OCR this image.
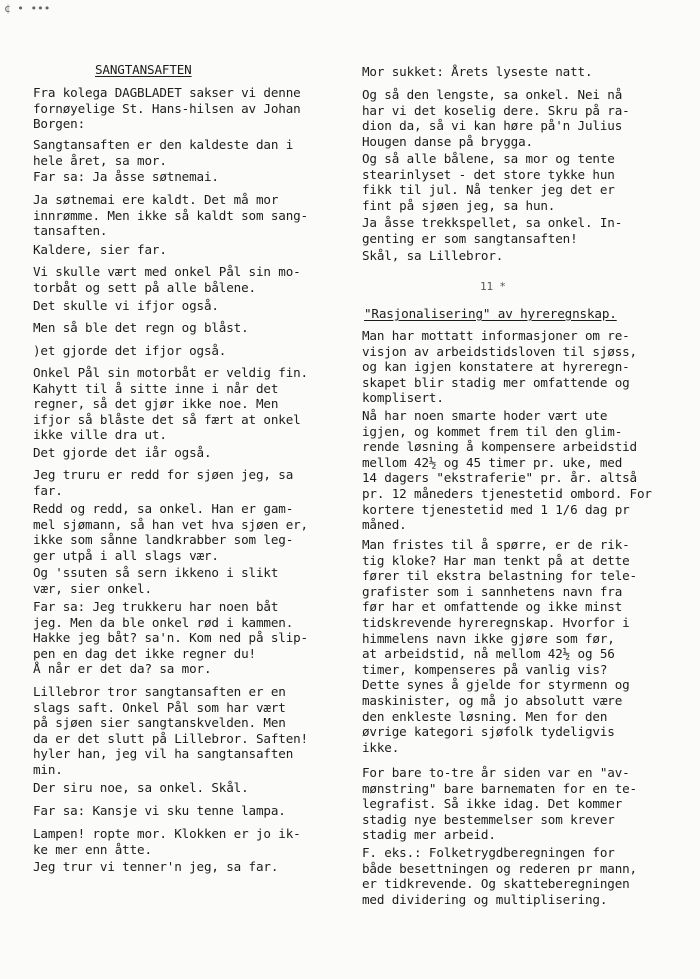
¢ • •••
SANGTANSAFTEN
Fra kolega DAGBLADET sakser vi denne
fornøyelige St. Hans-hilsen av Johan
Borgen:
Sangtansaften er den kaldeste dan i
hele året, sa mor.
Far sa: Ja åsse søtnemai.
Ja søtnemai ere kaldt. Det må mor
innrømme. Men ikke så kaldt som sang-
tansaften.
Kaldere, sier far.
Vi skulle vært med onkel Pål sin mo-
torbåt og sett på alle bålene.
Det skulle vi ifjor også.
Men så ble det regn og blåst.
)et gjorde det ifjor også.
Onkel Pål sin motorbåt er veldig fin.
Kahytt til å sitte inne i når det
regner, så det gjør ikke noe. Men
ifjor så blåste det så fært at onkel
ikke ville dra ut.
Det gjorde det iår også.
Jeg truru er redd for sjøen jeg, sa
far.
Redd og redd, sa onkel. Han er gam-
mel sjømann, så han vet hva sjøen er,
ikke som sånne landkrabber som leg-
ger utpå i all slags vær.
Og 'ssuten så sern ikkeno i slikt
vær, sier onkel.
Far sa: Jeg trukkeru har noen båt
jeg. Men da ble onkel rød i kammen.
Hakke jeg båt? sa'n. Kom ned på slip-
pen en dag det ikke regner du!
Å når er det da? sa mor.
Lillebror tror sangtansaften er en
slags saft. Onkel Pål som har vært
på sjøen sier sangtanskvelden. Men
da er det slutt på Lillebror. Saften!
hyler han, jeg vil ha sangtansaften
min.
Der siru noe, sa onkel. Skål.
Far sa: Kansje vi sku tenne lampa.
Lampen! ropte mor. Klokken er jo ik-
ke mer enn åtte.
Jeg trur vi tenner'n jeg, sa far.
Mor sukket: Årets lyseste natt.
Og så den lengste, sa onkel. Nei nå
har vi det koselig dere. Skru på ra-
dion da, så vi kan høre på'n Julius
Hougen danse på brygga.
Og så alle bålene, sa mor og tente
stearinlyset - det store tykke hun
fikk til jul. Nå tenker jeg det er
fint på sjøen jeg, sa hun.
Ja åsse trekkspellet, sa onkel. In-
genting er som sangtansaften!
Skål, sa Lillebror.
11 *
"Rasjonalisering" av hyreregnskap.
Man har mottatt informasjoner om re-
visjon av arbeidstidsloven til sjøss,
og kan igjen konstatere at hyreregn-
skapet blir stadig mer omfattende og
komplisert.
Nå har noen smarte hoder vært ute
igjen, og kommet frem til den glim-
rende løsning å kompensere arbeidstid
mellom 42½ og 45 timer pr. uke, med
14 dagers "ekstraferie" pr. år. altså
pr. 12 måneders tjenestetid ombord. For
kortere tjenestetid med 1 1/6 dag pr
måned.
Man fristes til å spørre, er de rik-
tig kloke? Har man tenkt på at dette
fører til ekstra belastning for tele-
grafister som i sannhetens navn fra
før har et omfattende og ikke minst
tidskrevende hyreregnskap. Hvorfor i
himmelens navn ikke gjøre som før,
at arbeidstid, nå mellom 42½ og 56
timer, kompenseres på vanlig vis?
Dette synes å gjelde for styrmenn og
maskinister, og må jo absolutt være
den enkleste løsning. Men for den
øvrige kategori sjøfolk tydeligvis
ikke.
For bare to-tre år siden var en "av-
mønstring" bare barnematen for en te-
legrafist. Så ikke idag. Det kommer
stadig nye bestemmelser som krever
stadig mer arbeid.
F. eks.: Folketrygdberegningen for
både besettningen og rederen pr mann,
er tidkrevende. Og skatteberegningen
med dividering og multiplisering.
